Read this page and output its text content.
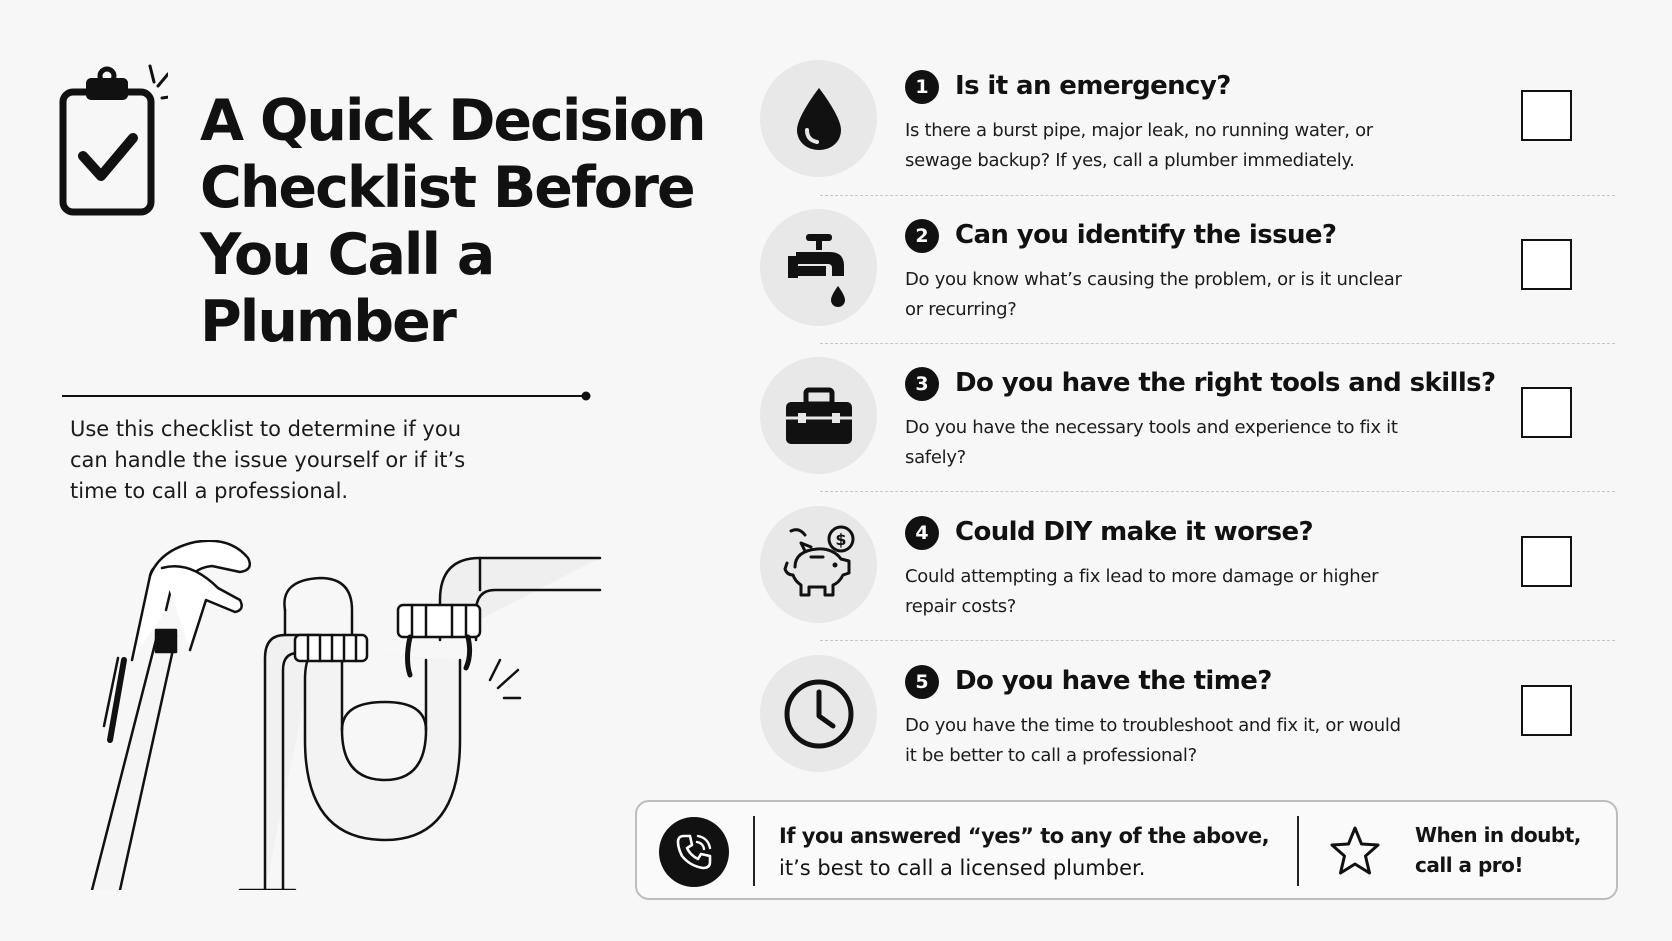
A Quick Decision Checklist Before You Call a Plumber

Use this checklist to determine if you can handle the issue yourself or if it’s time to call a professional.

1	Is it an emergency?

Is there a burst pipe, major leak, no running water, or sewage backup? If yes, call a plumber immediately.

2	Can you identify the issue?

Do you know what’s causing the problem, or is it unclear or recurring?

3	Do you have the right tools and skills?

Do you have the necessary tools and experience to fix it safely?

$	4	Could DIY make it worse?

Could attempting a fix lead to more damage or higher repair costs?

5	Do you have the time?

Do you have the time to troubleshoot and fix it, or would it be better to call a professional?

If you answered “yes” to any of the above,
it’s best to call a licensed plumber.

When in doubt, call a pro!
